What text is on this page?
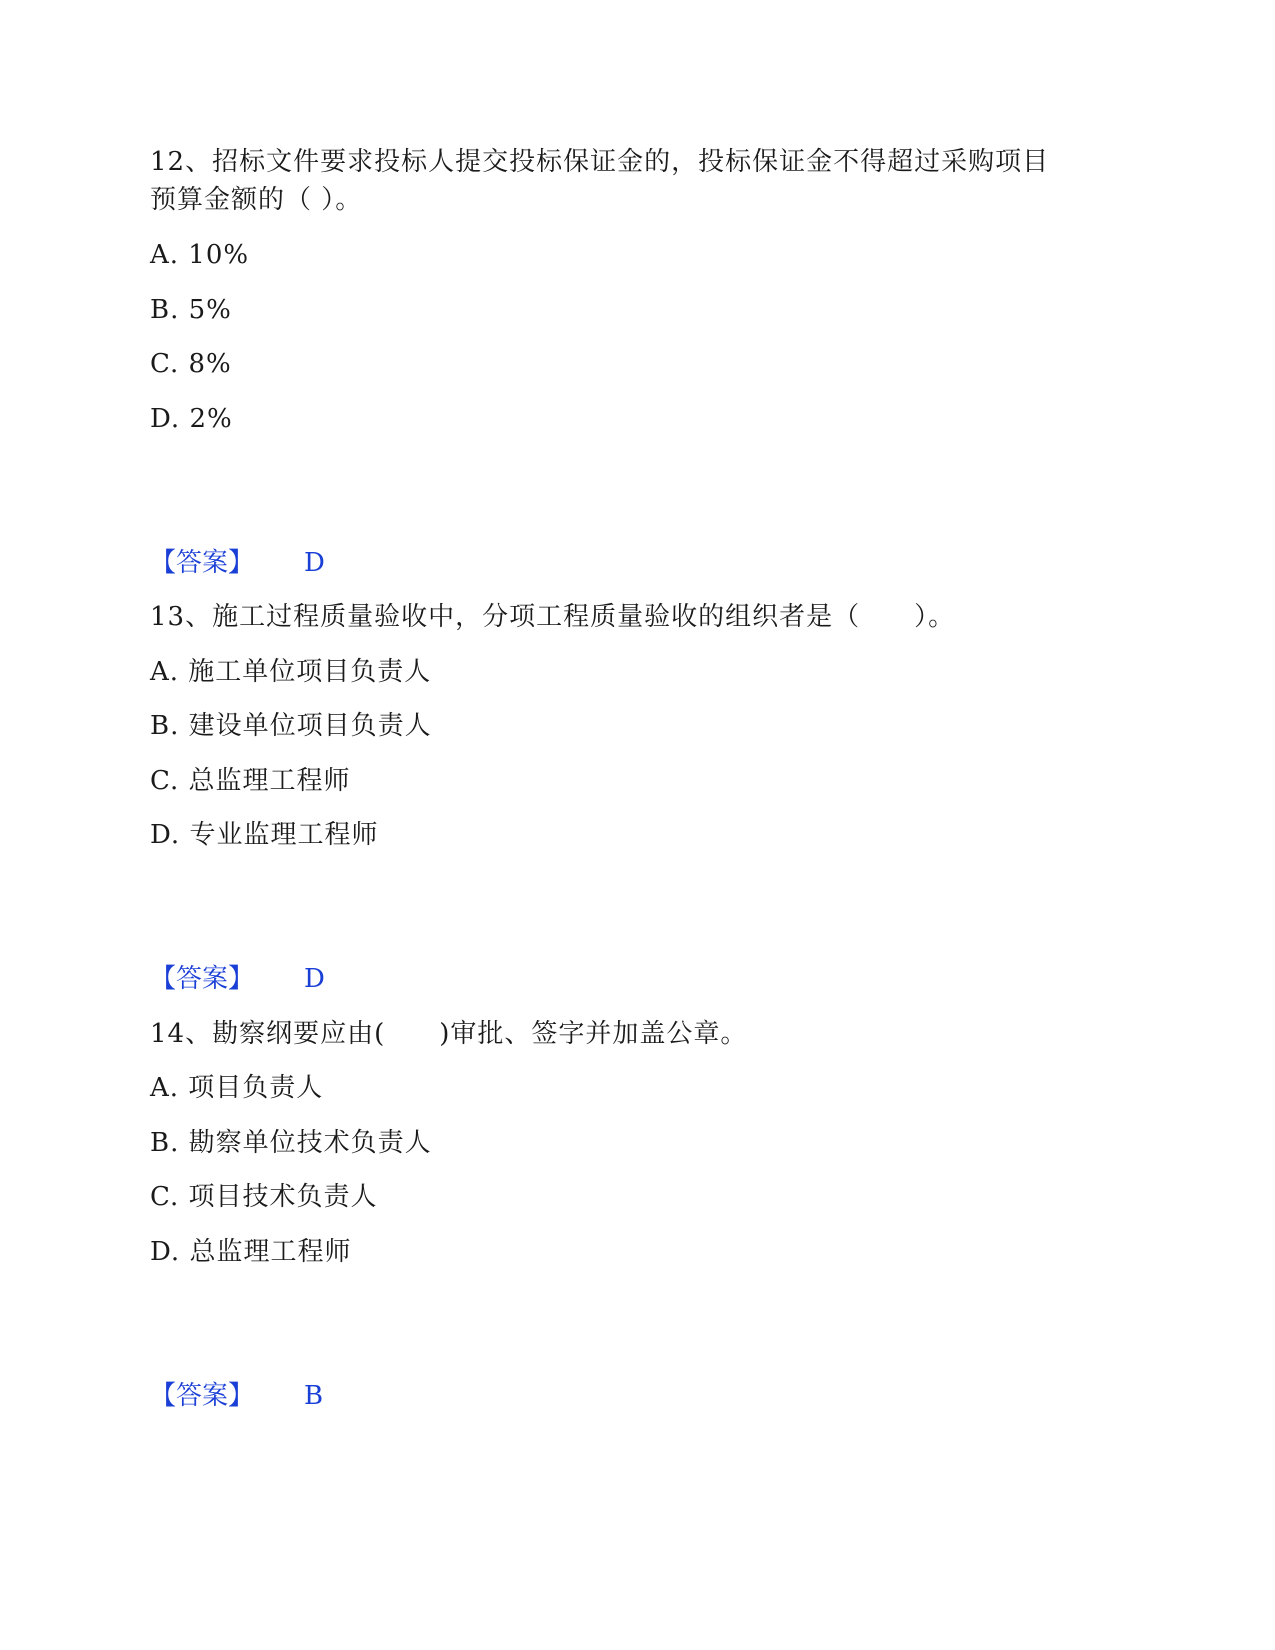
12、招标文件要求投标人提交投标保证金的，投标保证金不得超过采购项目
预算金额的（ ）。
A. 10%
B. 5%
C. 8%
D. 2%
【答案】 D
13、施工过程质量验收中，分项工程质量验收的组织者是（　　）。
A. 施工单位项目负责人
B. 建设单位项目负责人
C. 总监理工程师
D. 专业监理工程师
【答案】 D
14、勘察纲要应由(　　)审批、签字并加盖公章。
A. 项目负责人
B. 勘察单位技术负责人
C. 项目技术负责人
D. 总监理工程师
【答案】 B
